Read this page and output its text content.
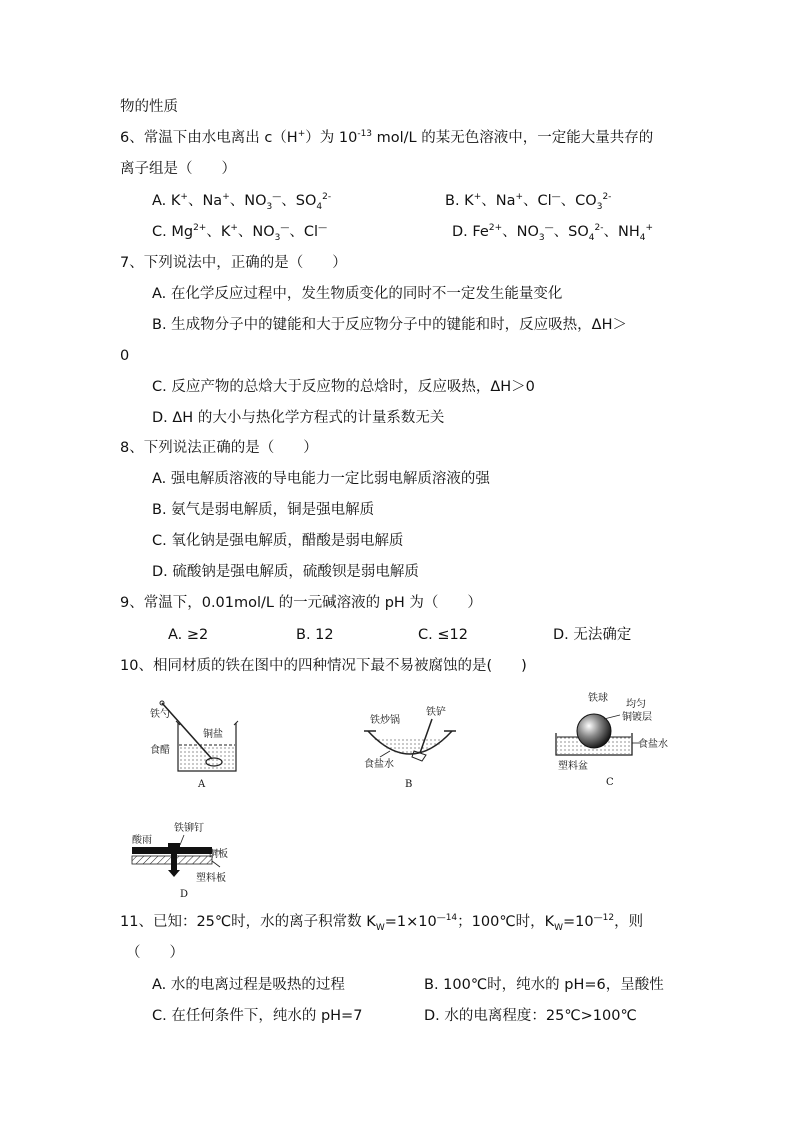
物的性质
6、常温下由水电离出 c（H+）为 $10^{-13}$ mol/L 的某无色溶液中，一定能大量共存的
离子组是（　　）
A. K+、Na+、$NO_3^—$、$SO_4^{2-}$	B. K+、Na+、Cl—、$CO_3^{2-}$
C. $Mg^{2+}$、K+、$NO_3^—$、Cl—	D. $Fe^{2+}$、$NO_3^—$、$SO_4^{2-}$、$NH_4^+$
7、下列说法中，正确的是（　　）
A. 在化学反应过程中，发生物质变化的同时不一定发生能量变化
B. 生成物分子中的键能和大于反应物分子中的键能和时，反应吸热，ΔH＞
0
C. 反应产物的总焓大于反应物的总焓时，反应吸热，ΔH＞0
D. ΔH 的大小与热化学方程式的计量系数无关
8、下列说法正确的是（　　）
A. 强电解质溶液的导电能力一定比弱电解质溶液的强
B. 氨气是弱电解质，铜是强电解质
C. 氧化钠是强电解质，醋酸是弱电解质
D. 硫酸钠是强电解质，硫酸钡是弱电解质
9、常温下，0.01mol/L 的一元碱溶液的 pH 为（　　）
A. ≥2	B. 12	C. ≤12	D. 无法确定
10、相同材质的铁在图中的四种情况下最不易被腐蚀的是(　　)
铁勺
铜盐
食醋
A
铁炒锅
铁铲
食盐水
B
铁球
均匀
铜镀层
食盐水
塑料盆
C
酸雨
铁铆钉
铜板
塑料板
D
11、已知：25℃时，水的离子积常数 $K_W=1\times 10^{—14}$；100℃时，$K_W=10^{—12}$，则
（　　）
A. 水的电离过程是吸热的过程	B. 100℃时，纯水的 pH=6，呈酸性
C. 在任何条件下，纯水的 pH=7	D. 水的电离程度：25℃>100℃
